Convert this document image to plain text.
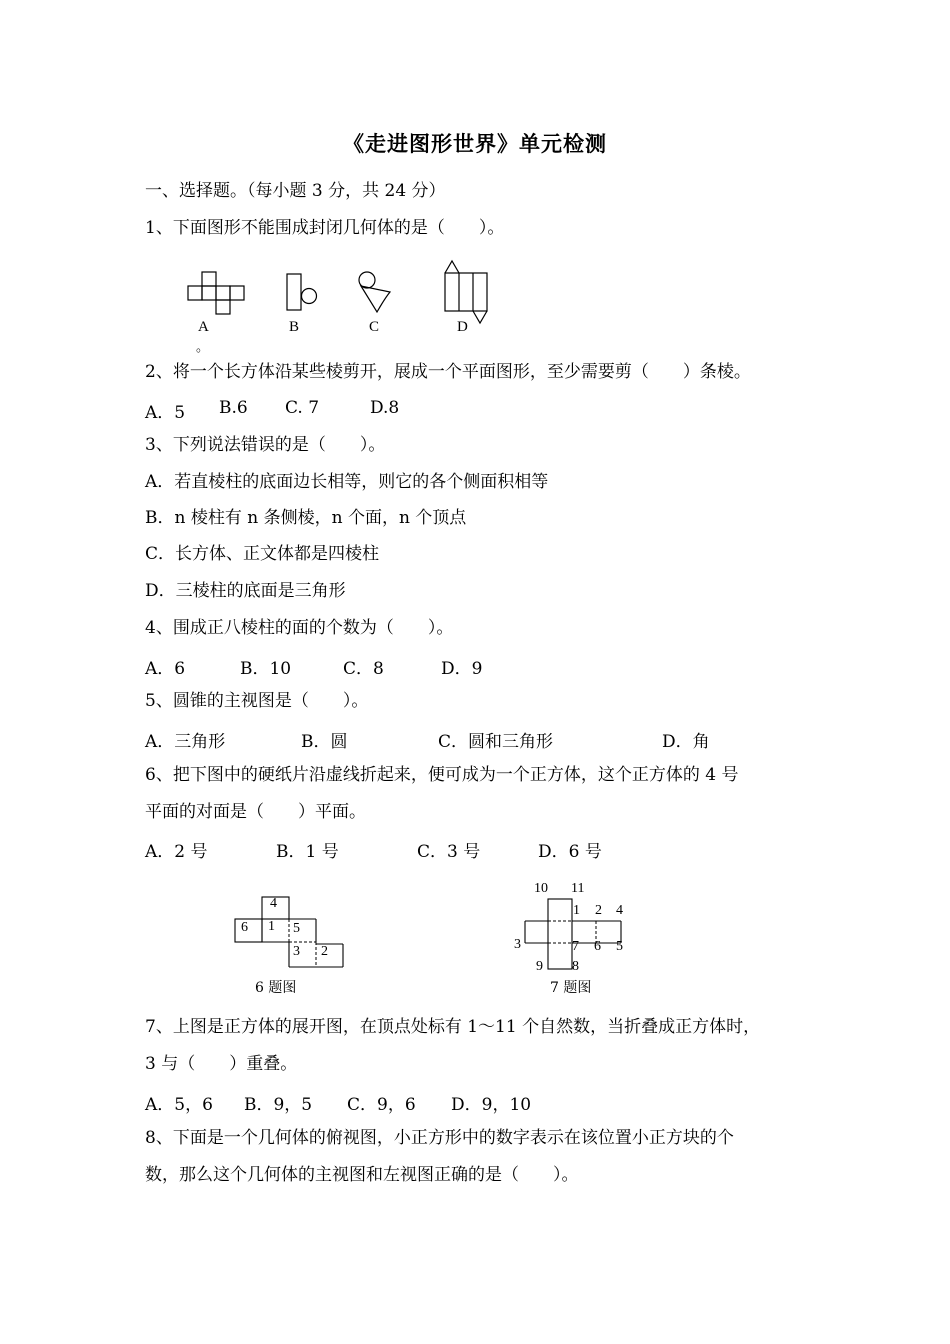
《走进图形世界》单元检测
一、选择题。（每小题 3 分，共 24 分）
1、下面图形不能围成封闭几何体的是（　　）。
A	B	C	D
。
2、将一个长方体沿某些棱剪开，展成一个平面图形，至少需要剪（　　）条棱。
A．5 B.6 C. 7	D.8
3、下列说法错误的是（　　）。
A．若直棱柱的底面边长相等，则它的各个侧面积相等
B．n 棱柱有 n 条侧棱，n 个面，n 个顶点
C．长方体、正文体都是四棱柱
D．三棱柱的底面是三角形
4、围成正八棱柱的面的个数为（　　）。
A．6	B．10	C．8	D．9
5、圆锥的主视图是（　　）。
A．三角形	B．圆	C．圆和三角形	D．角
6、把下图中的硬纸片沿虚线折起来，便可成为一个正方体，这个正方体的 4 号
平面的对面是（　　）平面。
A．2 号	B．1 号	C．3 号	D．6 号
4
6 1 5
3 2
6 题图
10 11
1 2 4
3	7 6 5
9 8
7 题图
7、上图是正方体的展开图，在顶点处标有 1～11 个自然数，当折叠成正方体时，
3 与（　　）重叠。
A．5，6 B．9，5 C．9，6 D．9，10
8、下面是一个几何体的俯视图，小正方形中的数字表示在该位置小正方块的个
数，那么这个几何体的主视图和左视图正确的是（　　）。
